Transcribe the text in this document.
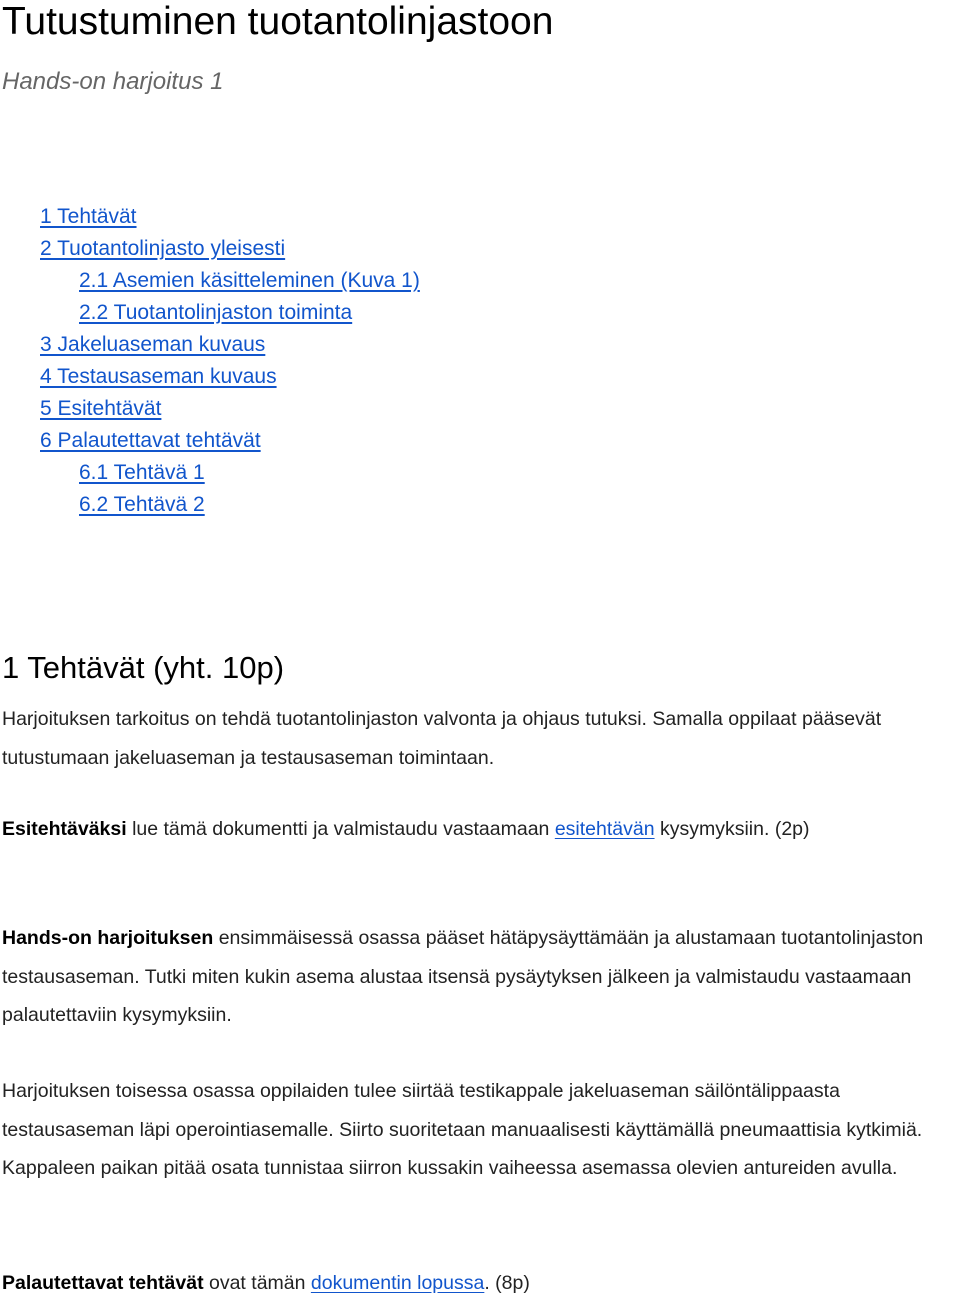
Tutustuminen tuotantolinjastoon

Hands-on harjoitus 1

1 Tehtävät
2 Tuotantolinjasto yleisesti
2.1 Asemien käsitteleminen (Kuva 1)
2.2 Tuotantolinjaston toiminta
3 Jakeluaseman kuvaus
4 Testausaseman kuvaus
5 Esitehtävät
6 Palautettavat tehtävät
6.1 Tehtävä 1
6.2 Tehtävä 2
1 Tehtävät (yht. 10p)

Harjoituksen tarkoitus on tehdä tuotantolinjaston valvonta ja ohjaus tutuksi. Samalla oppilaat pääsevät tutustumaan jakeluaseman ja testausaseman toimintaan.

Esitehtäväksi lue tämä dokumentti ja valmistaudu vastaamaan esitehtävän kysymyksiin. (2p)

Hands-on harjoituksen ensimmäisessä osassa pääset hätäpysäyttämään ja alustamaan tuotantolinjaston testausaseman. Tutki miten kukin asema alustaa itsensä pysäytyksen jälkeen ja valmistaudu vastaamaan palautettaviin kysymyksiin.

Harjoituksen toisessa osassa oppilaiden tulee siirtää testikappale jakeluaseman säilöntälippaasta testausaseman läpi operointiasemalle. Siirto suoritetaan manuaalisesti käyttämällä pneumaattisia kytkimiä. Kappaleen paikan pitää osata tunnistaa siirron kussakin vaiheessa asemassa olevien antureiden avulla.

Palautettavat tehtävät ovat tämän dokumentin lopussa. (8p)
